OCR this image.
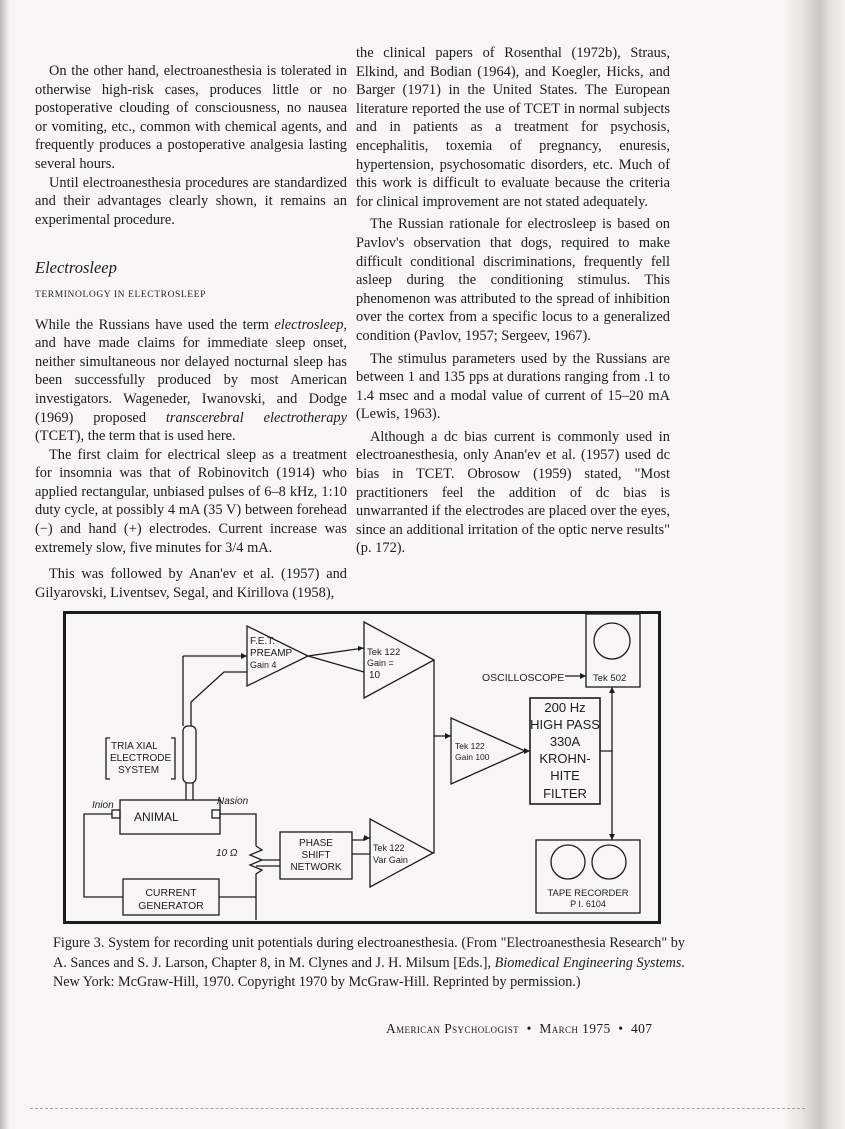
On the other hand, electroanesthesia is tolerated in otherwise high-risk cases, produces little or no postoperative clouding of consciousness, no nausea or vomiting, etc., common with chemical agents, and frequently produces a postoperative analgesia lasting several hours.

Until electroanesthesia procedures are standardized and their advantages clearly shown, it remains an experimental procedure.

Electrosleep
TERMINOLOGY IN ELECTROSLEEP

While the Russians have used the term electrosleep, and have made claims for immediate sleep onset, neither simultaneous nor delayed nocturnal sleep has been successfully produced by most American investigators. Wageneder, Iwanovski, and Dodge (1969) proposed transcerebral electrotherapy (TCET), the term that is used here.

The first claim for electrical sleep as a treatment for insomnia was that of Robinovitch (1914) who applied rectangular, unbiased pulses of 6–8 kHz, 1:10 duty cycle, at possibly 4 mA (35 V) between forehead (−) and hand (+) electrodes. Current increase was extremely slow, five minutes for 3/4 mA.

This was followed by Anan'ev et al. (1957) and Gilyarovski, Liventsev, Segal, and Kirillova (1958),

the clinical papers of Rosenthal (1972b), Straus, Elkind, and Bodian (1964), and Koegler, Hicks, and Barger (1971) in the United States. The European literature reported the use of TCET in normal subjects and in patients as a treatment for psychosis, encephalitis, toxemia of pregnancy, enuresis, hypertension, psychosomatic disorders, etc. Much of this work is difficult to evaluate because the criteria for clinical improvement are not stated adequately.

The Russian rationale for electrosleep is based on Pavlov's observation that dogs, required to make difficult conditional discriminations, frequently fell asleep during the conditioning stimulus. This phenomenon was attributed to the spread of inhibition over the cortex from a specific locus to a generalized condition (Pavlov, 1957; Sergeev, 1967).

The stimulus parameters used by the Russians are between 1 and 135 pps at durations ranging from .1 to 1.4 msec and a modal value of current of 15–20 mA (Lewis, 1963).

Although a dc bias current is commonly used in electroanesthesia, only Anan'ev et al. (1957) used dc bias in TCET. Obrosow (1959) stated, "Most practitioners feel the addition of dc bias is unwarranted if the electrodes are placed over the eyes, since an additional irritation of the optic nerve results" (p. 172).

F.E.T.
PREAMP
Gain 4
Tek 122
Gain =
10	OSCILLOSCOPE	Tek 502
200 Hz
HIGH PASS
330A
KROHN-
HITE
FILTER
Tek 122
Gain 100
TRIA XIAL
ELECTRODE
SYSTEM
Inion	Nasion
ANIMAL
10 Ω
PHASE
SHIFT
NETWORK
Tek 122
Var Gain
CURRENT
GENERATOR
TAPE RECORDER
P I. 6104
Figure 3. System for recording unit potentials during electroanesthesia. (From "Electroanesthesia Research" by A. Sances and S. J. Larson, Chapter 8, in M. Clynes and J. H. Milsum [Eds.], Biomedical Engineering Systems. New York: McGraw-Hill, 1970. Copyright 1970 by McGraw-Hill. Reprinted by permission.)
American Psychologist • March 1975 • 407
